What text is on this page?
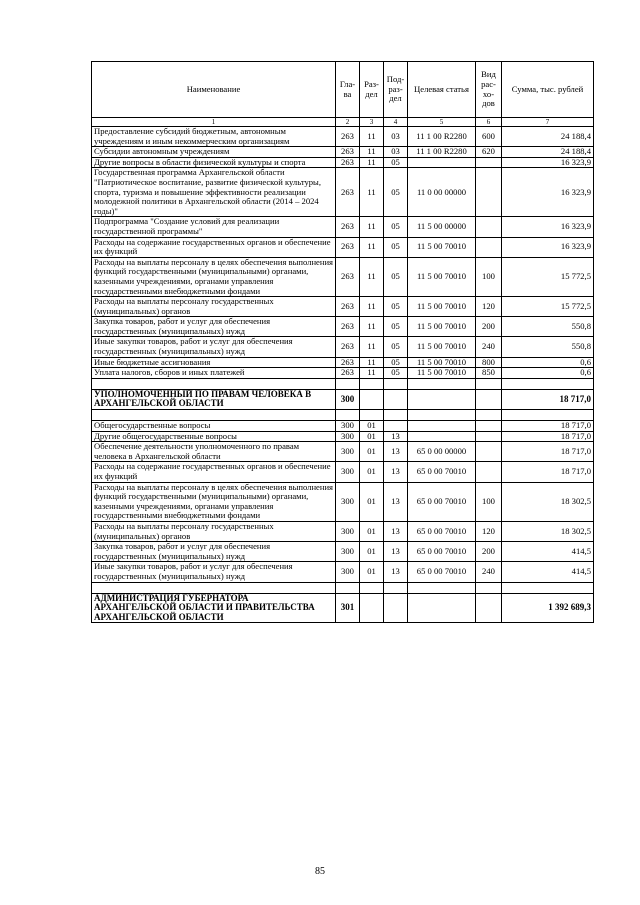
Наименование	Гла-ва	Раз-дел	Под-раз-дел	Целевая статья	Вид рас-хо-дов	Сумма, тыс. рублей
1	2	3	4	5	6	7
Предоставление субсидий бюджетным, автономным учреждениям и иным некоммерческим организациям	263	11	03	11 1 00 R2280	600	24 188,4
Субсидии автономным учреждениям	263	11	03	11 1 00 R2280	620	24 188,4
Другие вопросы в области физической культуры и спорта	263	11	05			16 323,9
Государственная программа Архангельской области "Патриотическое воспитание, развитие физической культуры, спорта, туризма и повышение эффективности реализации молодежной политики в Архангельской области (2014 – 2024 годы)"	263	11	05	11 0 00 00000		16 323,9
Подпрограмма "Создание условий для реализации государственной программы"	263	11	05	11 5 00 00000		16 323,9
Расходы на содержание государственных органов и обеспечение их функций	263	11	05	11 5 00 70010		16 323,9
Расходы на выплаты персоналу в целях обеспечения выполнения функций государственными (муниципальными) органами, казенными учреждениями, органами управления государственными внебюджетными фондами	263	11	05	11 5 00 70010	100	15 772,5
Расходы на выплаты персоналу государственных (муниципальных) органов	263	11	05	11 5 00 70010	120	15 772,5
Закупка товаров, работ и услуг для обеспечения государственных (муниципальных) нужд	263	11	05	11 5 00 70010	200	550,8
Иные закупки товаров, работ и услуг для обеспечения государственных (муниципальных) нужд	263	11	05	11 5 00 70010	240	550,8
Иные бюджетные ассигнования	263	11	05	11 5 00 70010	800	0,6
Уплата налогов, сборов и иных платежей	263	11	05	11 5 00 70010	850	0,6

УПОЛНОМОЧЕННЫЙ ПО ПРАВАМ ЧЕЛОВЕКА В АРХАНГЕЛЬСКОЙ ОБЛАСТИ	300					18 717,0

Общегосударственные вопросы	300	01				18 717,0
Другие общегосударственные вопросы	300	01	13			18 717,0
Обеспечение деятельности уполномоченного по правам человека в Архангельской области	300	01	13	65 0 00 00000		18 717,0
Расходы на содержание государственных органов и обеспечение их функций	300	01	13	65 0 00 70010		18 717,0
Расходы на выплаты персоналу в целях обеспечения выполнения функций государственными (муниципальными) органами, казенными учреждениями, органами управления государственными внебюджетными фондами	300	01	13	65 0 00 70010	100	18 302,5
Расходы на выплаты персоналу государственных (муниципальных) органов	300	01	13	65 0 00 70010	120	18 302,5
Закупка товаров, работ и услуг для обеспечения государственных (муниципальных) нужд	300	01	13	65 0 00 70010	200	414,5
Иные закупки товаров, работ и услуг для обеспечения государственных (муниципальных) нужд	300	01	13	65 0 00 70010	240	414,5

АДМИНИСТРАЦИЯ ГУБЕРНАТОРА АРХАНГЕЛЬСКОЙ ОБЛАСТИ И ПРАВИТЕЛЬСТВА АРХАНГЕЛЬСКОЙ ОБЛАСТИ	301					1 392 689,3
85
